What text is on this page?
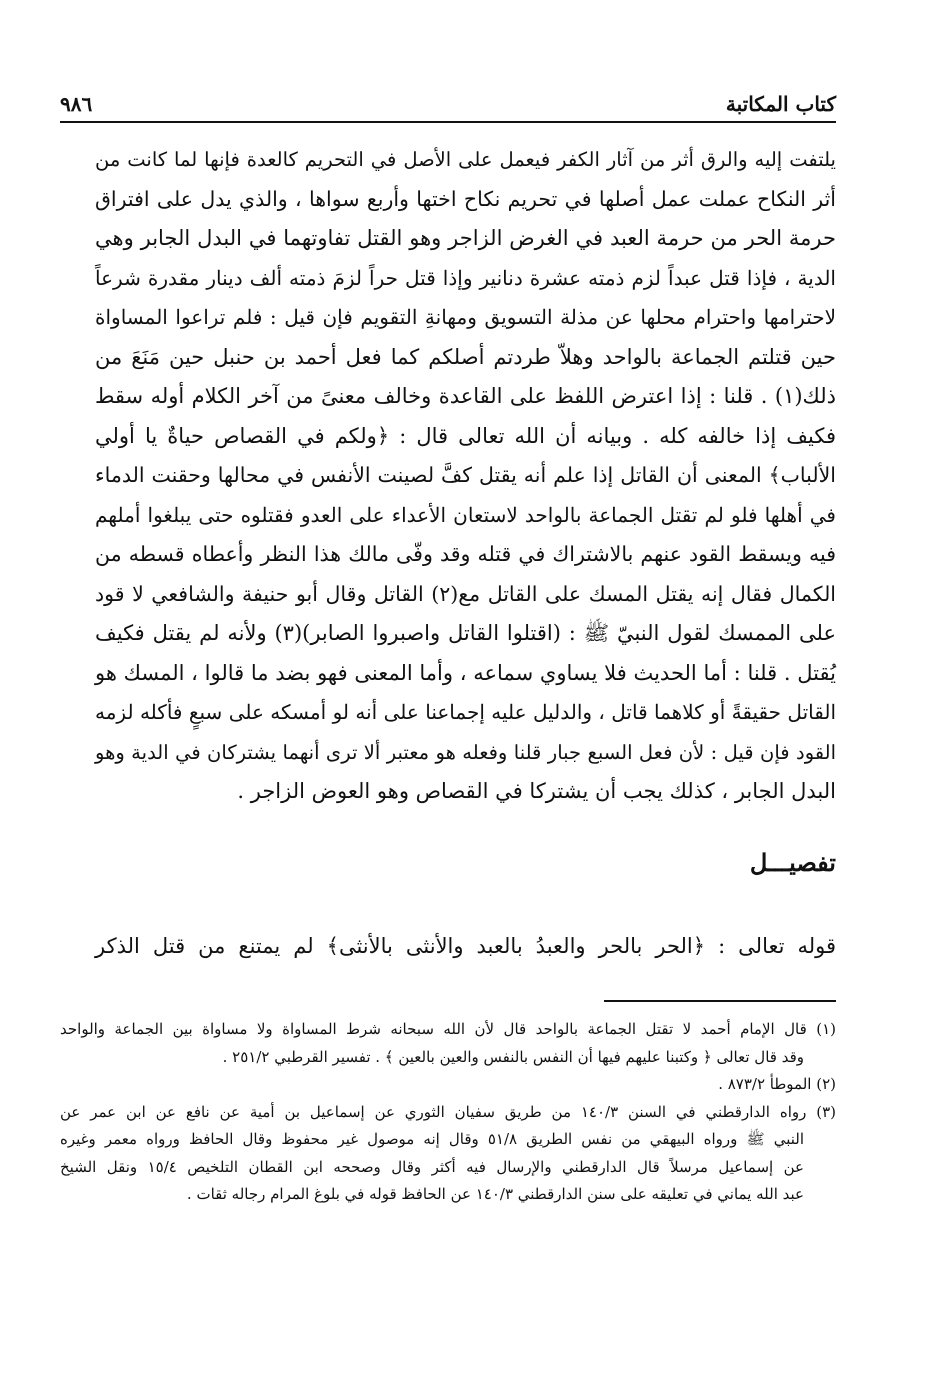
كتاب المكاتبة
٩٨٦
يلتفت إليه والرق أثر من آثار الكفر فيعمل على الأصل في التحريم كالعدة فإنها لما كانت من
أثر النكاح عملت عمل أصلها في تحريم نكاح اختها وأربع سواها ، والذي يدل على افتراق
حرمة الحر من حرمة العبد في الغرض الزاجر وهو القتل تفاوتهما في البدل الجابر وهي
الدية ، فإذا قتل عبداً لزم ذمته عشرة دنانير وإذا قتل حراً لزمَ ذمته ألف دينار مقدرة شرعاً
لاحترامها واحترام محلها عن مذلة التسويق ومهانةِ التقويم فإن قيل : فلم تراعوا المساواة
حين قتلتم الجماعة بالواحد وهلاّ طردتم أصلكم كما فعل أحمد بن حنبل حين مَنَعَ من
ذلك(١) . قلنا : إذا اعترض اللفظ على القاعدة وخالف معنىً من آخر الكلام أوله سقط
فكيف إذا خالفه كله . وبيانه أن الله تعالى قال : ﴿ولكم في القصاص حياةٌ يا أولي
الألباب﴾ المعنى أن القاتل إذا علم أنه يقتل كفَّ لصينت الأنفس في محالها وحقنت الدماء
في أهلها فلو لم تقتل الجماعة بالواحد لاستعان الأعداء على العدو فقتلوه حتى يبلغوا أملهم
فيه ويسقط القود عنهم بالاشتراك في قتله وقد وفّى مالك هذا النظر وأعطاه قسطه من
الكمال فقال إنه يقتل المسك على القاتل مع(٢) القاتل وقال أبو حنيفة والشافعي لا قود
على الممسك لقول النبيّ ﷺ : (اقتلوا القاتل واصبروا الصابر)(٣) ولأنه لم يقتل فكيف
يُقتل . قلنا : أما الحديث فلا يساوي سماعه ، وأما المعنى فهو بضد ما قالوا ، المسك هو
القاتل حقيقةً أو كلاهما قاتل ، والدليل عليه إجماعنا على أنه لو أمسكه على سبعٍ فأكله لزمه
القود فإن قيل : لأن فعل السبع جبار قلنا وفعله هو معتبر ألا ترى أنهما يشتركان في الدية وهو
البدل الجابر ، كذلك يجب أن يشتركا في القصاص وهو العوض الزاجر .
تفصيـــل
قوله تعالى : ﴿الحر بالحر والعبدُ بالعبد والأنثى بالأنثى﴾ لم يمتنع من قتل الذكر
(١) قال الإمام أحمد لا تقتل الجماعة بالواحد قال لأن الله سبحانه شرط المساواة ولا مساواة بين الجماعة والواحد
وقد قال تعالى ﴿ وكتبنا عليهم فيها أن النفس بالنفس والعين بالعين ﴾ . تفسير القرطبي ٢٥١/٢ .
(٢) الموطأ ٨٧٣/٢ .
(٣) رواه الدارقطني في السنن ١٤٠/٣ من طريق سفيان الثوري عن إسماعيل بن أمية عن نافع عن ابن عمر عن
النبي ﷺ ورواه البيهقي من نفس الطريق ٥١/٨ وقال إنه موصول غير محفوظ وقال الحافظ ورواه معمر وغيره
عن إسماعيل مرسلاً قال الدارقطني والإرسال فيه أكثر وقال وصححه ابن القطان التلخيص ١٥/٤ ونقل الشيخ
عبد الله يماني في تعليقه على سنن الدارقطني ١٤٠/٣ عن الحافظ قوله في بلوغ المرام رجاله ثقات .
